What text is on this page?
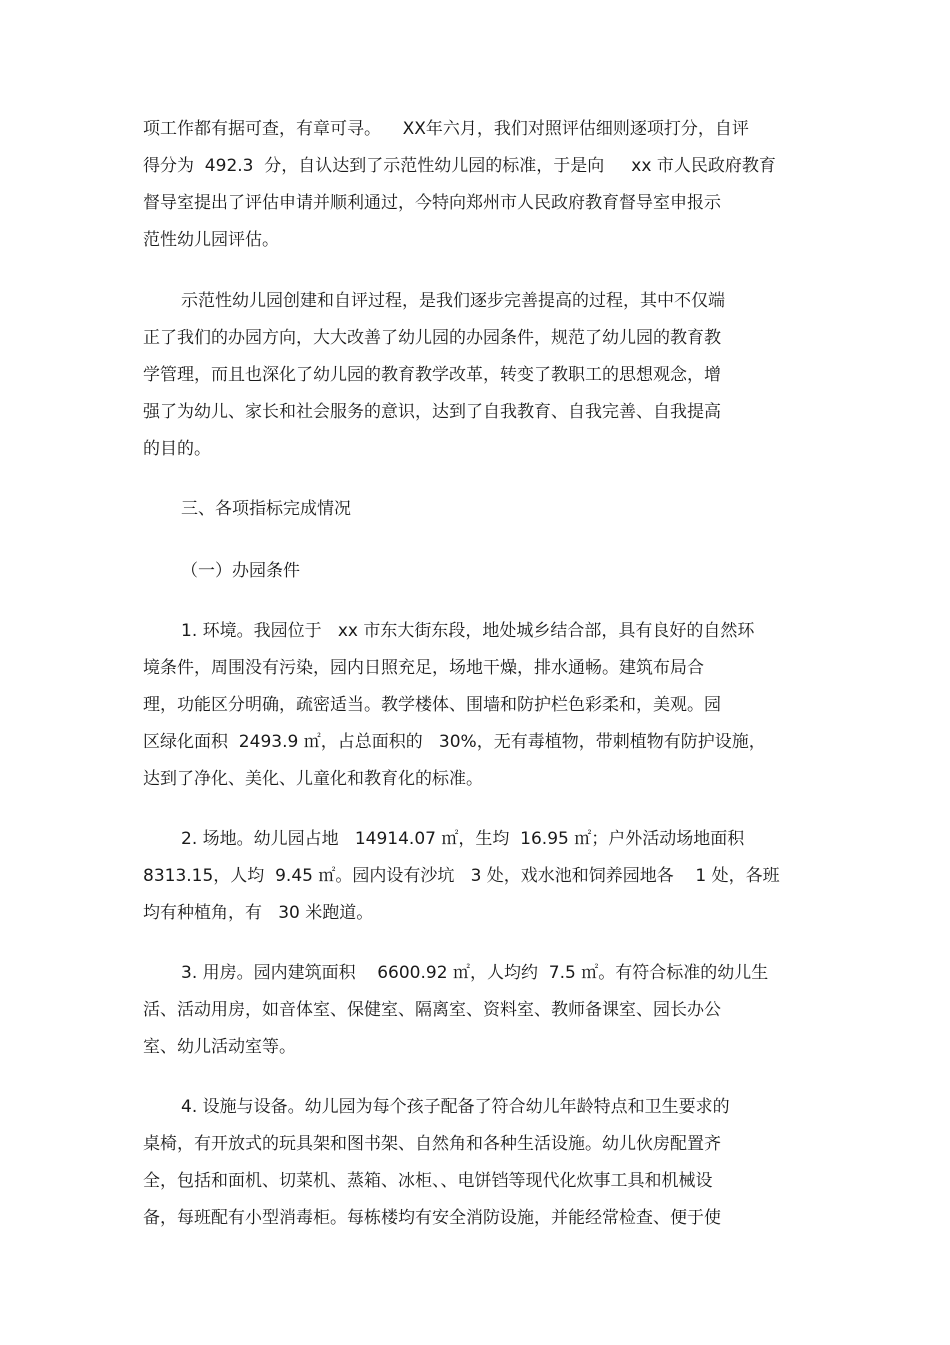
项工作都有据可查，有章可寻。    XX年六月，我们对照评估细则逐项打分，自评
得分为  492.3  分，自认达到了示范性幼儿园的标准，于是向     xx 市人民政府教育
督导室提出了评估申请并顺利通过，今特向郑州市人民政府教育督导室申报示
范性幼儿园评估。
示范性幼儿园创建和自评过程，是我们逐步完善提高的过程，其中不仅端
正了我们的办园方向，大大改善了幼儿园的办园条件，规范了幼儿园的教育教
学管理，而且也深化了幼儿园的教育教学改革，转变了教职工的思想观念，增
强了为幼儿、家长和社会服务的意识，达到了自我教育、自我完善、自我提高
的目的。
三、各项指标完成情况
（一）办园条件
1. 环境。我园位于   xx 市东大街东段，地处城乡结合部，具有良好的自然环
境条件，周围没有污染，园内日照充足，场地干燥，排水通畅。建筑布局合
理，功能区分明确，疏密适当。教学楼体、围墙和防护栏色彩柔和，美观。园
区绿化面积  2493.9 ㎡，占总面积的   30%，无有毒植物，带刺植物有防护设施，
达到了净化、美化、儿童化和教育化的标准。
2. 场地。幼儿园占地   14914.07 ㎡，生均  16.95 ㎡；户外活动场地面积
8313.15，人均  9.45 ㎡。园内设有沙坑   3 处，戏水池和饲养园地各    1 处，各班
均有种植角，有   30 米跑道。
3. 用房。园内建筑面积    6600.92 ㎡，人均约  7.5 ㎡。有符合标准的幼儿生
活、活动用房，如音体室、保健室、隔离室、资料室、教师备课室、园长办公
室、幼儿活动室等。
4. 设施与设备。幼儿园为每个孩子配备了符合幼儿年龄特点和卫生要求的
桌椅，有开放式的玩具架和图书架、自然角和各种生活设施。幼儿伙房配置齐
全，包括和面机、切菜机、蒸箱、冰柜、、电饼铛等现代化炊事工具和机械设
备，每班配有小型消毒柜。每栋楼均有安全消防设施，并能经常检查、便于使
